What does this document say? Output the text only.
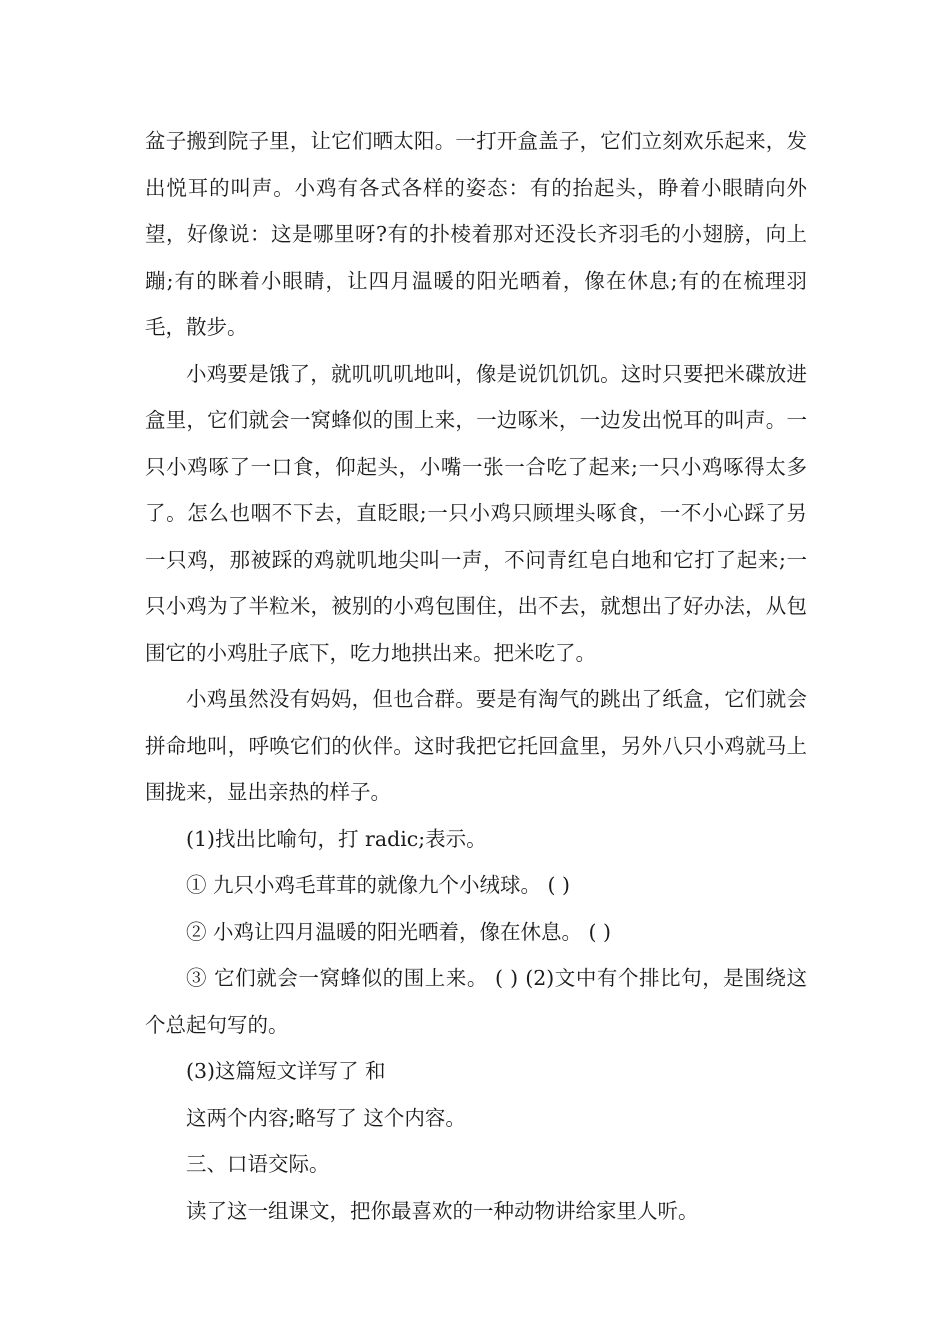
盆子搬到院子里，让它们晒太阳。一打开盒盖子，它们立刻欢乐起来，发出悦耳的叫声。小鸡有各式各样的姿态：有的抬起头，睁着小眼睛向外望，好像说：这是哪里呀?有的扑棱着那对还没长齐羽毛的小翅膀，向上蹦;有的眯着小眼睛，让四月温暖的阳光晒着，像在休息;有的在梳理羽毛，散步。

小鸡要是饿了，就叽叽叽地叫，像是说饥饥饥。这时只要把米碟放进盒里，它们就会一窝蜂似的围上来，一边啄米，一边发出悦耳的叫声。一只小鸡啄了一口食，仰起头，小嘴一张一合吃了起来;一只小鸡啄得太多了。怎么也咽不下去，直眨眼;一只小鸡只顾埋头啄食，一不小心踩了另一只鸡，那被踩的鸡就叽地尖叫一声，不问青红皂白地和它打了起来;一只小鸡为了半粒米，被别的小鸡包围住，出不去，就想出了好办法，从包围它的小鸡肚子底下，吃力地拱出来。把米吃了。

小鸡虽然没有妈妈，但也合群。要是有淘气的跳出了纸盒，它们就会拼命地叫，呼唤它们的伙伴。这时我把它托回盒里，另外八只小鸡就马上围拢来，显出亲热的样子。

(1)找出比喻句，打 radic;表示。

① 九只小鸡毛茸茸的就像九个小绒球。 ( )

② 小鸡让四月温暖的阳光晒着，像在休息。 ( )

③ 它们就会一窝蜂似的围上来。 ( ) (2)文中有个排比句，是围绕这个总起句写的。

(3)这篇短文详写了 和

这两个内容;略写了 这个内容。

三、口语交际。

读了这一组课文，把你最喜欢的一种动物讲给家里人听。
